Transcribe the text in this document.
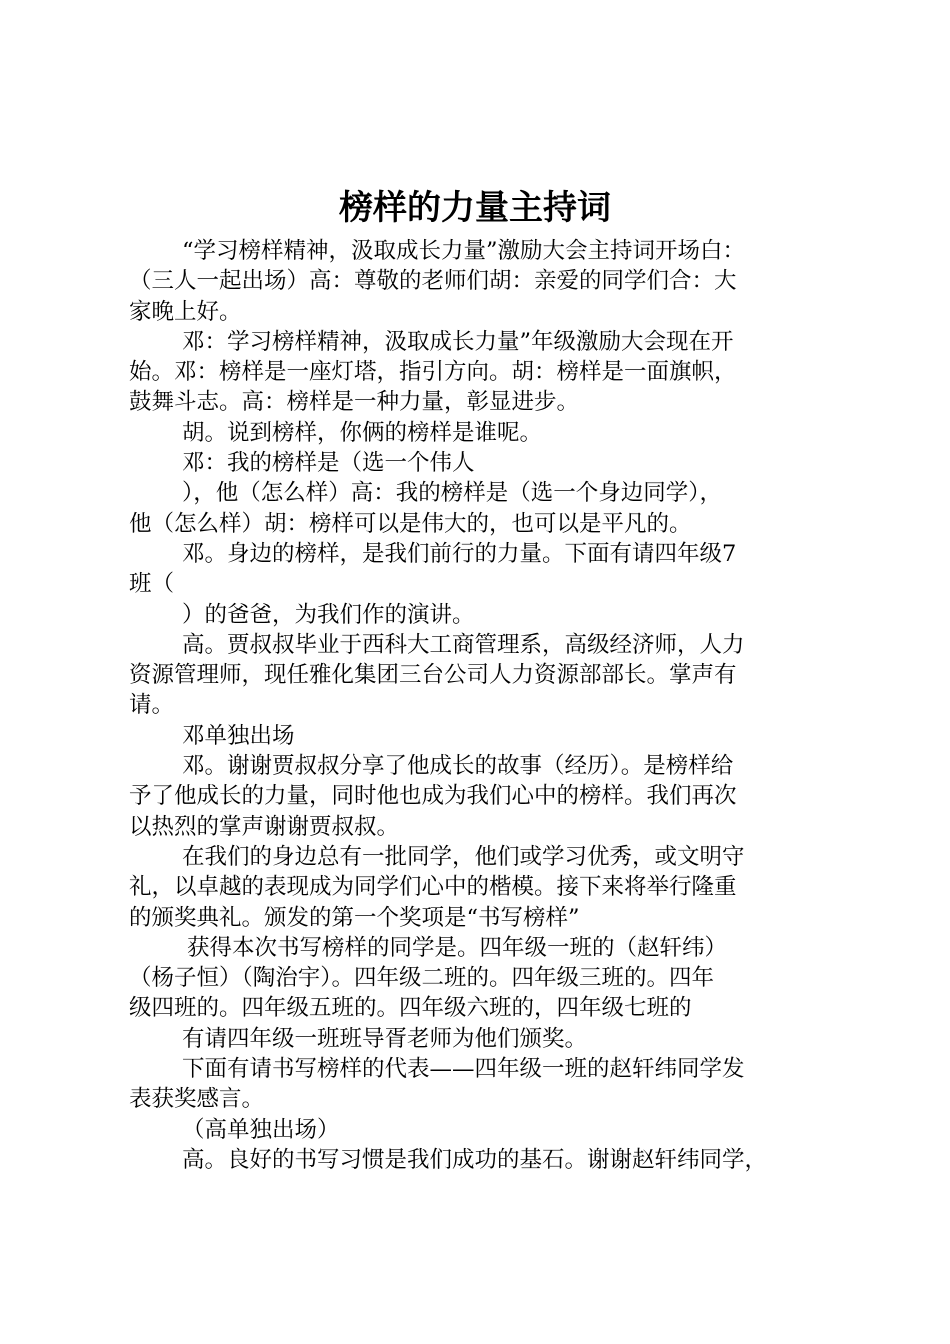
榜样的力量主持词
“学习榜样精神，汲取成长力量”激励大会主持词开场白：
（三人一起出场）高：尊敬的老师们胡：亲爱的同学们合：大
家晚上好。
邓：学习榜样精神，汲取成长力量”年级激励大会现在开
始。邓：榜样是一座灯塔，指引方向。胡：榜样是一面旗帜，
鼓舞斗志。高：榜样是一种力量，彰显进步。
胡。说到榜样，你俩的榜样是谁呢。
邓：我的榜样是（选一个伟人
），他（怎么样）高：我的榜样是（选一个身边同学），
他（怎么样）胡：榜样可以是伟大的，也可以是平凡的。
邓。身边的榜样，是我们前行的力量。下面有请四年级7
班（
）的爸爸，为我们作的演讲。
高。贾叔叔毕业于西科大工商管理系，高级经济师，人力
资源管理师，现任雅化集团三台公司人力资源部部长。掌声有
请。
邓单独出场
邓。谢谢贾叔叔分享了他成长的故事（经历）。是榜样给
予了他成长的力量，同时他也成为我们心中的榜样。我们再次
以热烈的掌声谢谢贾叔叔。
在我们的身边总有一批同学，他们或学习优秀，或文明守
礼，以卓越的表现成为同学们心中的楷模。接下来将举行隆重
的颁奖典礼。颁发的第一个奖项是“书写榜样”
获得本次书写榜样的同学是。四年级一班的（赵轩纬）
（杨子恒）（陶治宇）。四年级二班的。四年级三班的。四年
级四班的。四年级五班的。四年级六班的，四年级七班的
有请四年级一班班导胥老师为他们颁奖。
下面有请书写榜样的代表——四年级一班的赵轩纬同学发
表获奖感言。
（高单独出场）
高。良好的书写习惯是我们成功的基石。谢谢赵轩纬同学，
